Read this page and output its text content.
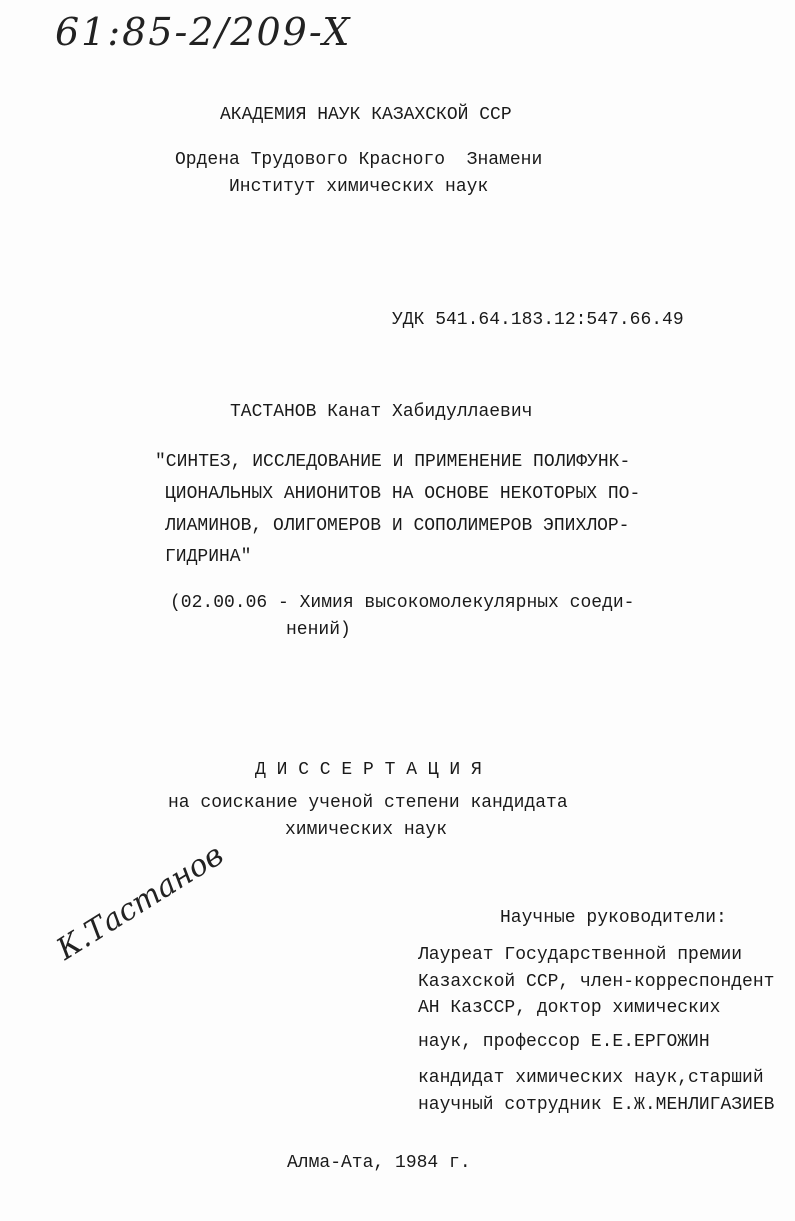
61:85-2/209-X
АКАДЕМИЯ НАУК КАЗАХСКОЙ ССР
Ордена Трудового Красного  Знамени
Институт химических наук
УДК 541.64.183.12:547.66.49
ТАСТАНОВ Канат Хабидуллаевич
"СИНТЕЗ, ИССЛЕДОВАНИЕ И ПРИМЕНЕНИЕ ПОЛИФУНК-
ЦИОНАЛЬНЫХ АНИОНИТОВ НА ОСНОВЕ НЕКОТОРЫХ ПО-
ЛИАМИНОВ, ОЛИГОМЕРОВ И СОПОЛИМЕРОВ ЭПИХЛОР-
ГИДРИНА"
(02.00.06 - Химия высокомолекулярных соеди-
нений)
Д И С С Е Р Т А Ц И Я
на соискание ученой степени кандидата
химических наук
К.Тастанов	Научные руководители:
Лауреат Государственной премии
Казахской ССР, член-корреспондент
АН КазССР, доктор химических
наук, профессор Е.Е.ЕРГОЖИН
кандидат химических наук,старший
научный сотрудник Е.Ж.МЕНЛИГАЗИЕВ
Алма-Ата, 1984 г.
